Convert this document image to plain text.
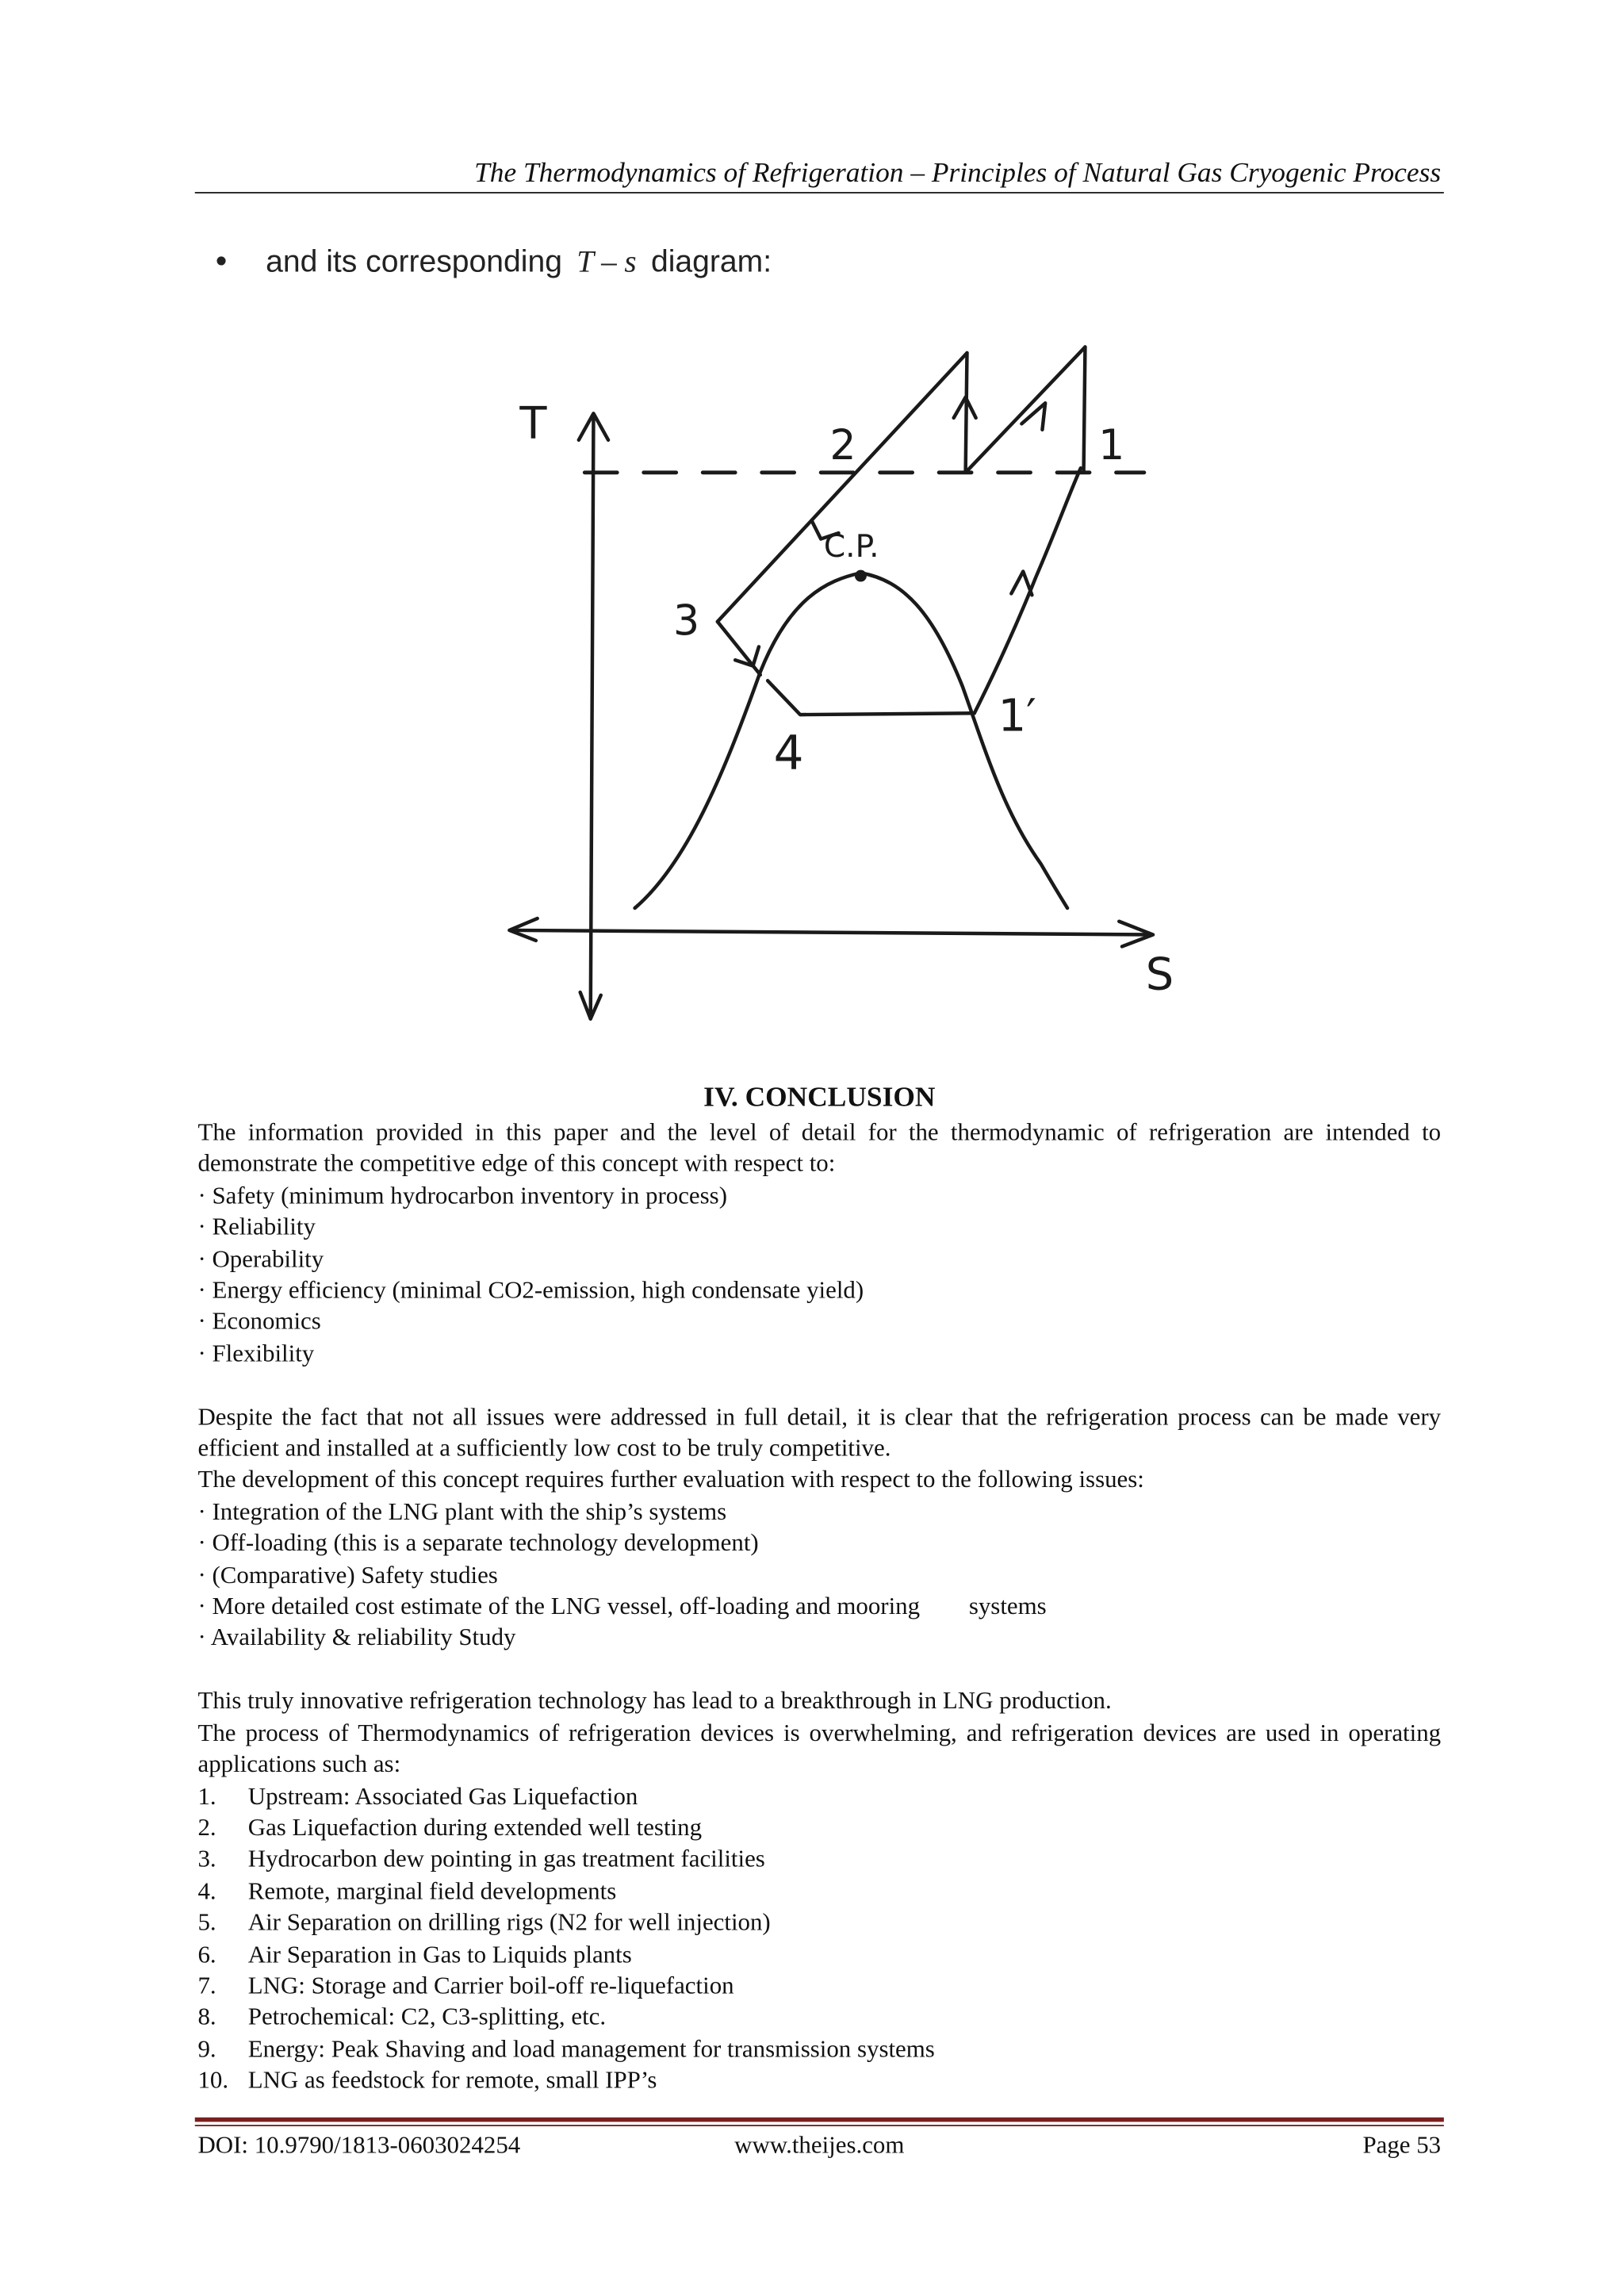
The Thermodynamics of Refrigeration – Principles of Natural Gas Cryogenic Process
• and its corresponding T – s diagram:
T
S
2	1
C.P.
3
4
1′
IV. CONCLUSION

The information provided in this paper and the level of detail for the thermodynamic of refrigeration are intended to demonstrate the competitive edge of this concept with respect to:

· Safety (minimum hydrocarbon inventory in process)

· Reliability

· Operability

· Energy efficiency (minimal CO2-emission, high condensate yield)

· Economics

· Flexibility

Despite the fact that not all issues were addressed in full detail, it is clear that the refrigeration process can be made very efficient and installed at a sufficiently low cost to be truly competitive.

The development of this concept requires further evaluation with respect to the following issues:

· Integration of the LNG plant with the ship’s systems

· Off-loading (this is a separate technology development)

· (Comparative) Safety studies

· More detailed cost estimate of the LNG vessel, off-loading and mooring        systems

· Availability & reliability Study

This truly innovative refrigeration technology has lead to a breakthrough in LNG production.

The process of Thermodynamics of refrigeration devices is overwhelming, and refrigeration devices are used in operating applications such as:

1.	Upstream: Associated Gas Liquefaction
2.	Gas Liquefaction during extended well testing
3.	Hydrocarbon dew pointing in gas treatment facilities
4.	Remote, marginal field developments
5.	Air Separation on drilling rigs (N2 for well injection)
6.	Air Separation in Gas to Liquids plants
7.	LNG: Storage and Carrier boil-off re-liquefaction
8.	Petrochemical: C2, C3-splitting, etc.
9.	Energy: Peak Shaving and load management for transmission systems
10.	LNG as feedstock for remote, small IPP’s
DOI: 10.9790/1813-0603024254	www.theijes.com	Page 53
